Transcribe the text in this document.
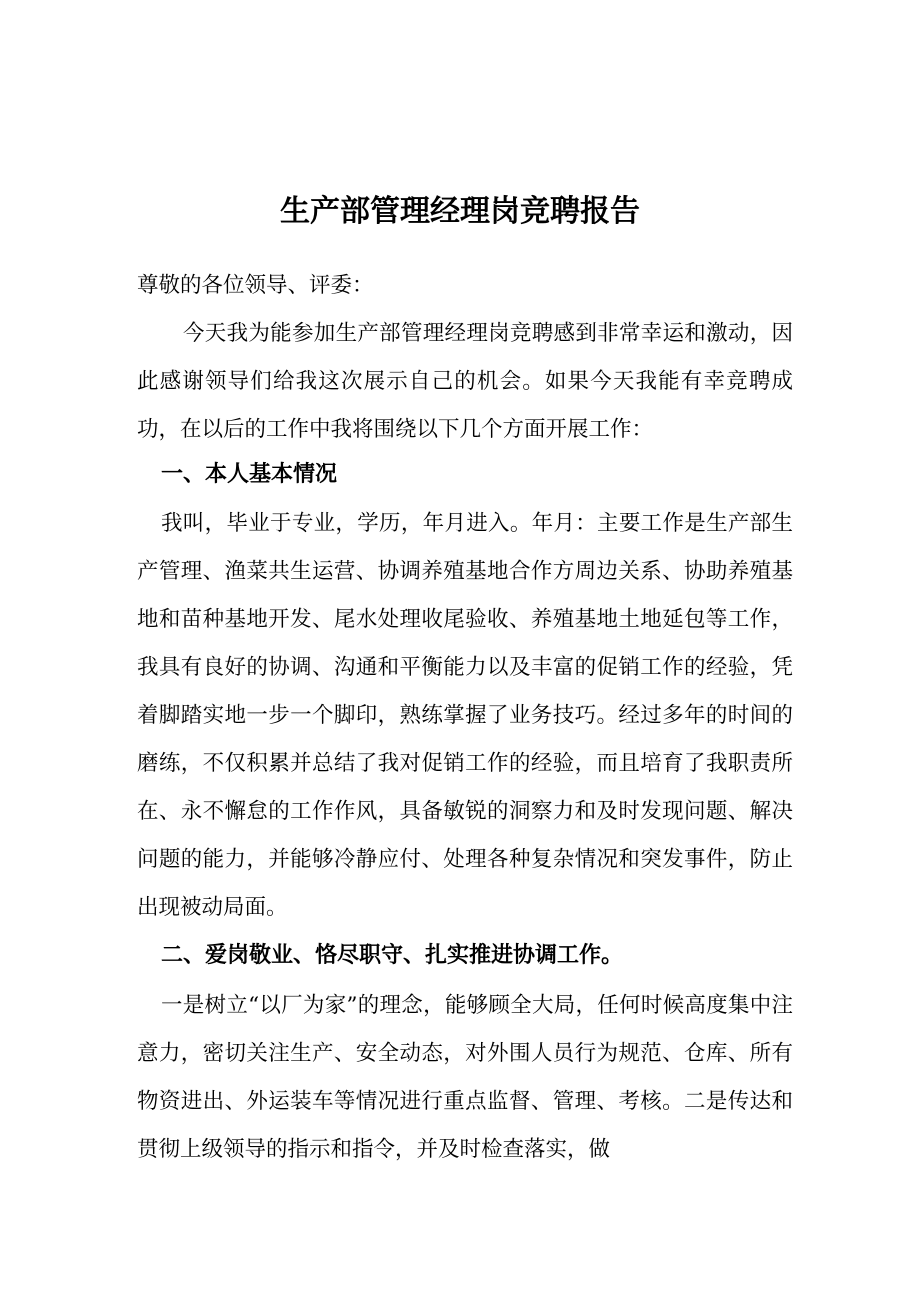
生产部管理经理岗竞聘报告

尊敬的各位领导、评委：

今天我为能参加生产部管理经理岗竞聘感到非常幸运和激动，因此感谢领导们给我这次展示自己的机会。如果今天我能有幸竞聘成功，在以后的工作中我将围绕以下几个方面开展工作：

一、本人基本情况

我叫，毕业于专业，学历，年月进入。年月：主要工作是生产部生产管理、渔菜共生运营、协调养殖基地合作方周边关系、协助养殖基地和苗种基地开发、尾水处理收尾验收、养殖基地土地延包等工作，我具有良好的协调、沟通和平衡能力以及丰富的促销工作的经验，凭着脚踏实地一步一个脚印，熟练掌握了业务技巧。经过多年的时间的磨练，不仅积累并总结了我对促销工作的经验，而且培育了我职责所在、永不懈怠的工作作风，具备敏锐的洞察力和及时发现问题、解决问题的能力，并能够冷静应付、处理各种复杂情况和突发事件，防止出现被动局面。

二、爱岗敬业、恪尽职守、扎实推进协调工作。

一是树立“以厂为家”的理念，能够顾全大局，任何时候高度集中注意力，密切关注生产、安全动态，对外围人员行为规范、仓库、所有物资进出、外运装车等情况进行重点监督、管理、考核。二是传达和贯彻上级领导的指示和指令，并及时检查落实，做
